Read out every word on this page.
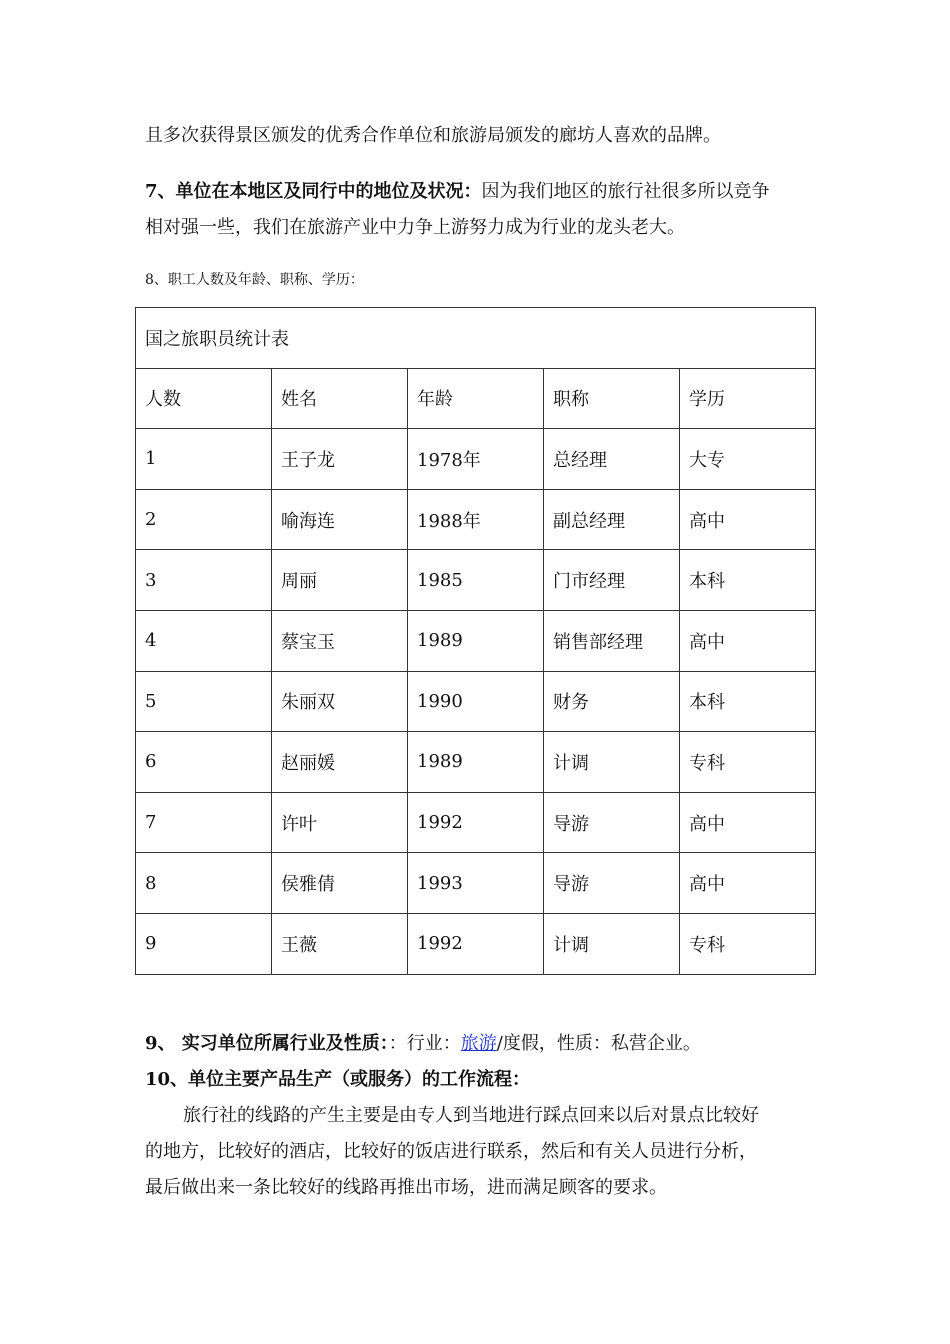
且多次获得景区颁发的优秀合作单位和旅游局颁发的廊坊人喜欢的品牌。
7、单位在本地区及同行中的地位及状况：因为我们地区的旅行社很多所以竞争
相对强一些，我们在旅游产业中力争上游努力成为行业的龙头老大。
8、职工人数及年龄、职称、学历：
国之旅职员统计表				
人数	姓名	年龄	职称	学历
1	王子龙	1978年	总经理	大专
2	喻海连	1988年	副总经理	高中
3	周丽	1985	门市经理	本科
4	蔡宝玉	1989	销售部经理	高中
5	朱丽双	1990	财务	本科
6	赵丽媛	1989	计调	专科
7	许叶	1992	导游	高中
8	侯雅倩	1993	导游	高中
9	王薇	1992	计调	专科
9、 实习单位所属行业及性质：：行业：旅游/度假，性质：私营企业。
10、单位主要产品生产（或服务）的工作流程：
旅行社的线路的产生主要是由专人到当地进行踩点回来以后对景点比较好
的地方，比较好的酒店，比较好的饭店进行联系，然后和有关人员进行分析，
最后做出来一条比较好的线路再推出市场，进而满足顾客的要求。
